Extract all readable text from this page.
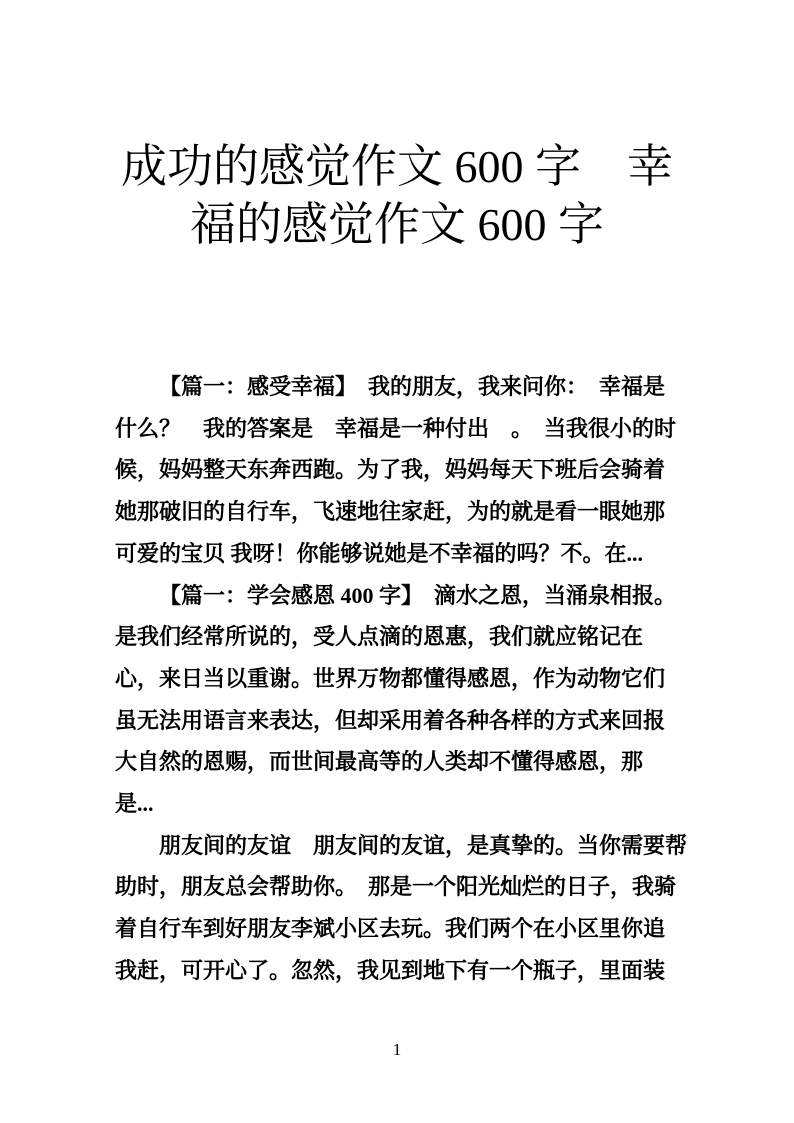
成功的感觉作文 600 字　幸
福的感觉作文 600 字
【篇一：感受幸福】　我的朋友，我来问你：　幸福是
什么？　我的答案是　幸福是一种付出　。　当我很小的时
候，妈妈整天东奔西跑。为了我，妈妈每天下班后会骑着
她那破旧的自行车，飞速地往家赶，为的就是看一眼她那
可爱的宝贝 我呀！你能够说她是不幸福的吗？不。在...
【篇一：学会感恩 400 字】　滴水之恩，当涌泉相报。
是我们经常所说的，受人点滴的恩惠，我们就应铭记在
心，来日当以重谢。世界万物都懂得感恩，作为动物它们
虽无法用语言来表达，但却采用着各种各样的方式来回报
大自然的恩赐，而世间最高等的人类却不懂得感恩，那
是...
朋友间的友谊　朋友间的友谊，是真挚的。当你需要帮
助时，朋友总会帮助你。　那是一个阳光灿烂的日子，我骑
着自行车到好朋友李斌小区去玩。我们两个在小区里你追
我赶，可开心了。忽然，我见到地下有一个瓶子，里面装
1
